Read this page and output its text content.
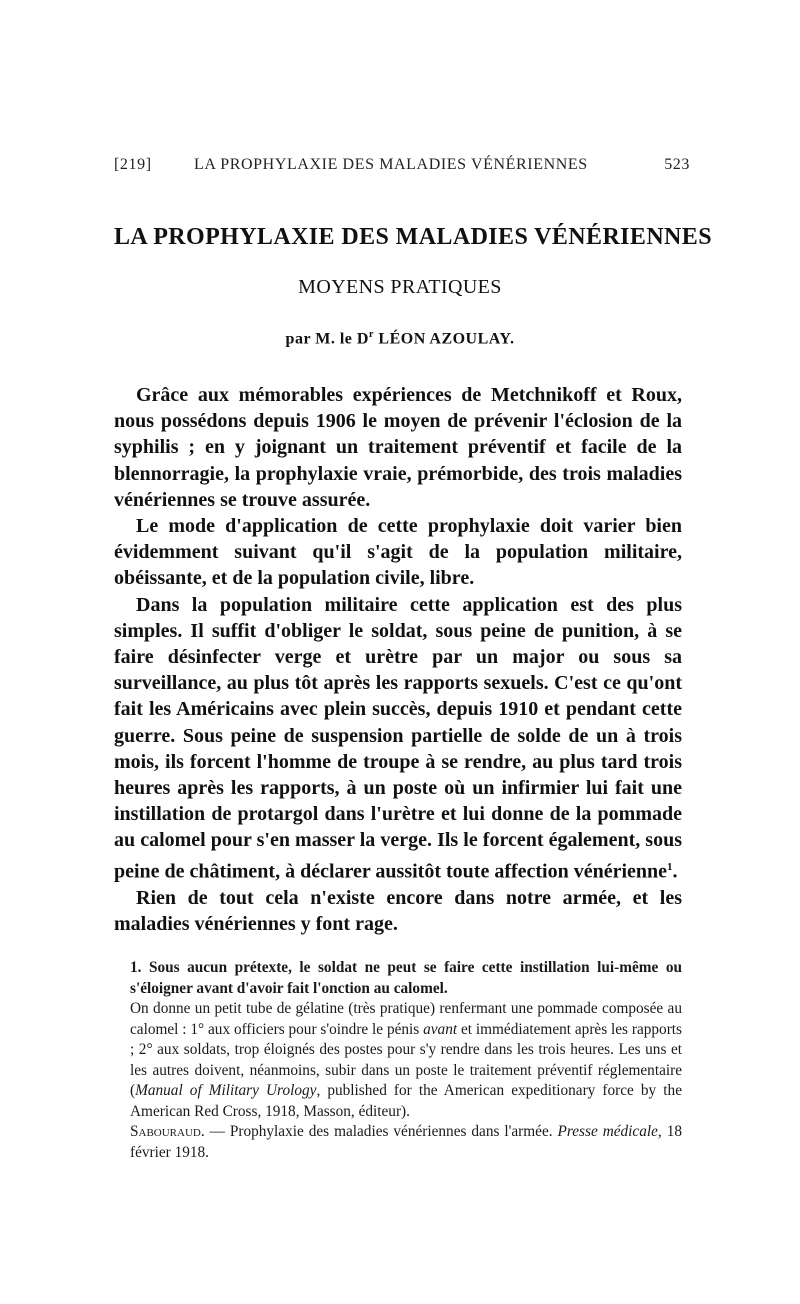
[219]	LA PROPHYLAXIE DES MALADIES VÉNÉRIENNES	523
LA PROPHYLAXIE DES MALADIES VÉNÉRIENNES
MOYENS PRATIQUES
par M. le $D^r$ LÉON AZOULAY.

Grâce aux mémorables expériences de Metchnikoff et Roux, nous possédons depuis 1906 le moyen de prévenir l'éclosion de la syphilis ; en y joignant un traitement préventif et facile de la blennorragie, la prophylaxie vraie, prémorbide, des trois maladies vénériennes se trouve assurée.

Le mode d'application de cette prophylaxie doit varier bien évidemment suivant qu'il s'agit de la population militaire, obéissante, et de la population civile, libre.

Dans la population militaire cette application est des plus simples. Il suffit d'obliger le soldat, sous peine de punition, à se faire désinfecter verge et urètre par un major ou sous sa surveillance, au plus tôt après les rapports sexuels. C'est ce qu'ont fait les Américains avec plein succès, depuis 1910 et pendant cette guerre. Sous peine de suspension partielle de solde de un à trois mois, ils forcent l'homme de troupe à se rendre, au plus tard trois heures après les rapports, à un poste où un infirmier lui fait une instillation de protargol dans l'urètre et lui donne de la pommade au calomel pour s'en masser la verge. Ils le forcent également, sous peine de châtiment, à déclarer aussitôt toute affection vénérienne$^1$.

Rien de tout cela n'existe encore dans notre armée, et les maladies vénériennes y font rage.

1. Sous aucun prétexte, le soldat ne peut se faire cette instillation lui-même ou s'éloigner avant d'avoir fait l'onction au calomel.

On donne un petit tube de gélatine (très pratique) renfermant une pommade composée au calomel : 1° aux officiers pour s'oindre le pénis avant et immédiatement après les rapports ; 2° aux soldats, trop éloignés des postes pour s'y rendre dans les trois heures. Les uns et les autres doivent, néanmoins, subir dans un poste le traitement préventif réglementaire (Manual of Military Urology, published for the American expeditionary force by the American Red Cross, 1918, Masson, éditeur).

Sabouraud. — Prophylaxie des maladies vénériennes dans l'armée. Presse médicale, 18 février 1918.
